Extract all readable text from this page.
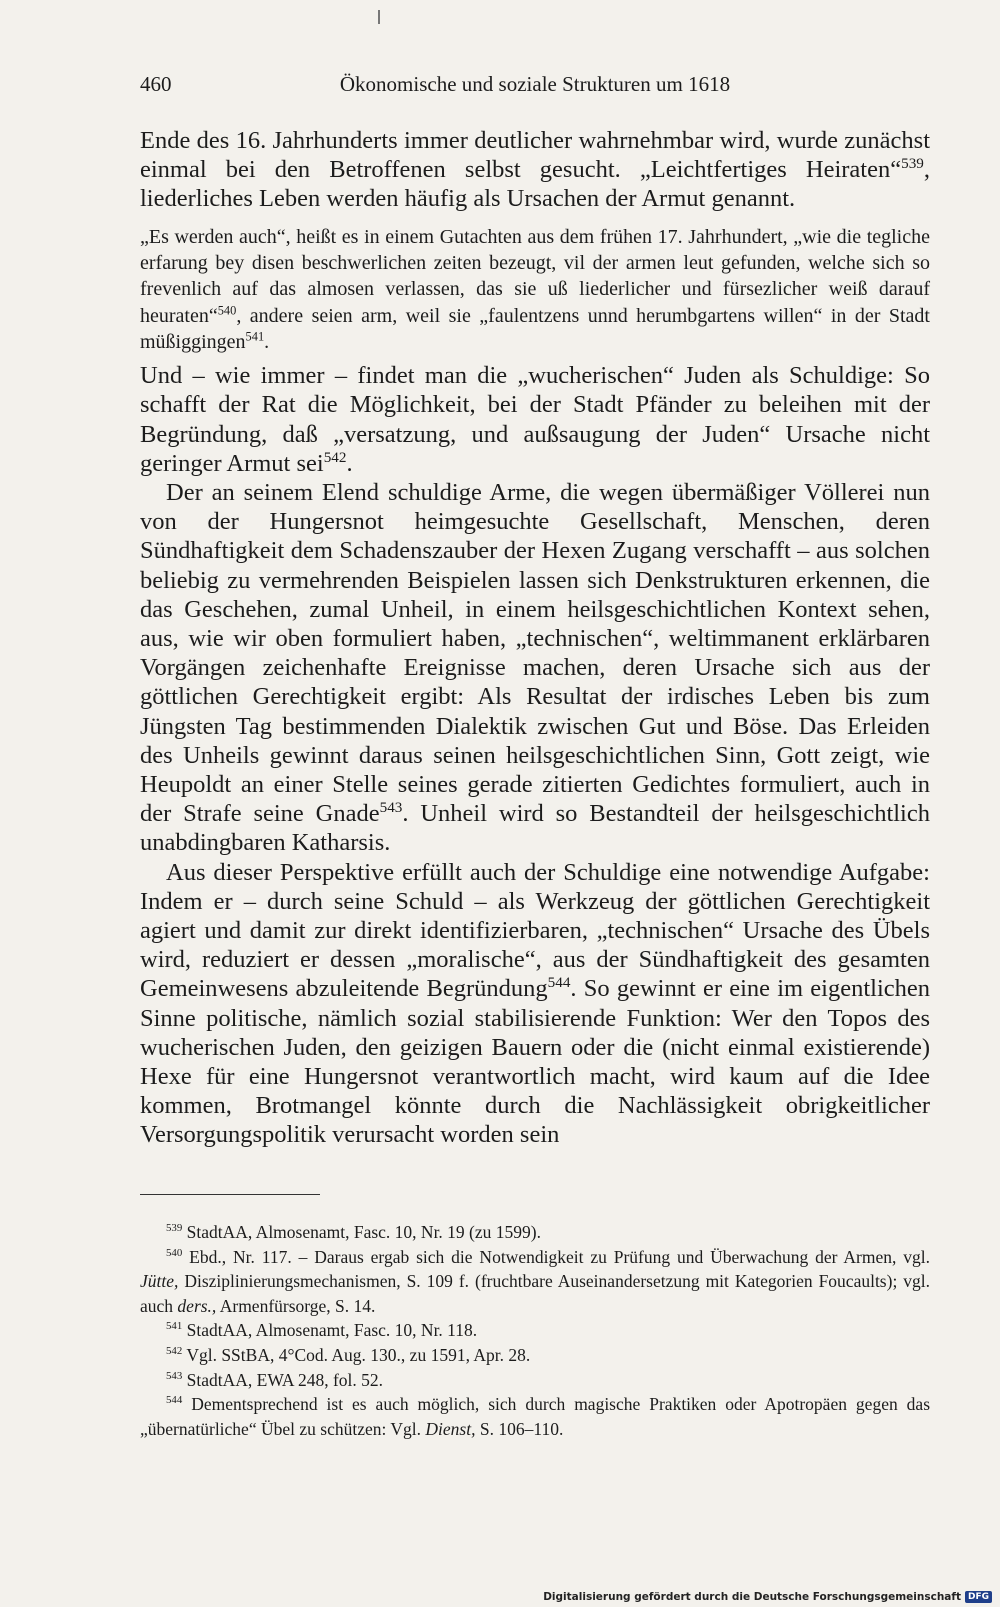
460	Ökonomische und soziale Strukturen um 1618

Ende des 16. Jahrhunderts immer deutlicher wahrnehmbar wird, wurde zunächst einmal bei den Betroffenen selbst gesucht. „Leichtfertiges Heiraten“$^{539}$, liederliches Leben werden häufig als Ursachen der Armut genannt.

„Es werden auch“, heißt es in einem Gutachten aus dem frühen 17. Jahrhundert, „wie die tegliche erfarung bey disen beschwerlichen zeiten bezeugt, vil der armen leut gefunden, welche sich so frevenlich auf das almosen verlassen, das sie uß liederlicher und fürsezlicher weiß darauf heuraten“$^{540}$, andere seien arm, weil sie „faulentzens unnd herumbgartens willen“ in der Stadt müßiggingen$^{541}$.

Und – wie immer – findet man die „wucherischen“ Juden als Schuldige: So schafft der Rat die Möglichkeit, bei der Stadt Pfänder zu beleihen mit der Begründung, daß „versatzung, und außsaugung der Juden“ Ursache nicht geringer Armut sei$^{542}$.

Der an seinem Elend schuldige Arme, die wegen übermäßiger Völlerei nun von der Hungersnot heimgesuchte Gesellschaft, Menschen, deren Sündhaftigkeit dem Schadenszauber der Hexen Zugang verschafft – aus solchen beliebig zu vermehrenden Beispielen lassen sich Denkstrukturen erkennen, die das Geschehen, zumal Unheil, in einem heilsgeschichtlichen Kontext sehen, aus, wie wir oben formuliert haben, „technischen“, weltimmanent erklärbaren Vorgängen zeichenhafte Ereignisse machen, deren Ursache sich aus der göttlichen Gerechtigkeit ergibt: Als Resultat der irdisches Leben bis zum Jüngsten Tag bestimmenden Dialektik zwischen Gut und Böse. Das Erleiden des Unheils gewinnt daraus seinen heilsgeschichtlichen Sinn, Gott zeigt, wie Heupoldt an einer Stelle seines gerade zitierten Gedichtes formuliert, auch in der Strafe seine Gnade$^{543}$. Unheil wird so Bestandteil der heilsgeschichtlich unabdingbaren Katharsis.

Aus dieser Perspektive erfüllt auch der Schuldige eine notwendige Aufgabe: Indem er – durch seine Schuld – als Werkzeug der göttlichen Gerechtigkeit agiert und damit zur direkt identifizierbaren, „technischen“ Ursache des Übels wird, reduziert er dessen „moralische“, aus der Sündhaftigkeit des gesamten Gemeinwesens abzuleitende Begründung$^{544}$. So gewinnt er eine im eigentlichen Sinne politische, nämlich sozial stabilisierende Funktion: Wer den Topos des wucherischen Juden, den geizigen Bauern oder die (nicht einmal existierende) Hexe für eine Hungersnot verantwortlich macht, wird kaum auf die Idee kommen, Brotmangel könnte durch die Nachlässigkeit obrigkeitlicher Versorgungspolitik verursacht worden sein

$^{539}$ StadtAA, Almosenamt, Fasc. 10, Nr. 19 (zu 1599).

$^{540}$ Ebd., Nr. 117. – Daraus ergab sich die Notwendigkeit zu Prüfung und Überwachung der Armen, vgl. Jütte, Disziplinierungsmechanismen, S. 109 f. (fruchtbare Auseinandersetzung mit Kategorien Foucaults); vgl. auch ders., Armenfürsorge, S. 14.

$^{541}$ StadtAA, Almosenamt, Fasc. 10, Nr. 118.

$^{542}$ Vgl. SStBA, 4°Cod. Aug. 130., zu 1591, Apr. 28.

$^{543}$ StadtAA, EWA 248, fol. 52.

$^{544}$ Dementsprechend ist es auch möglich, sich durch magische Praktiken oder Apotropäen gegen das „übernatürliche“ Übel zu schützen: Vgl. Dienst, S. 106–110.

Digitalisierung gefördert durch die Deutsche Forschungsgemeinschaft DFG
